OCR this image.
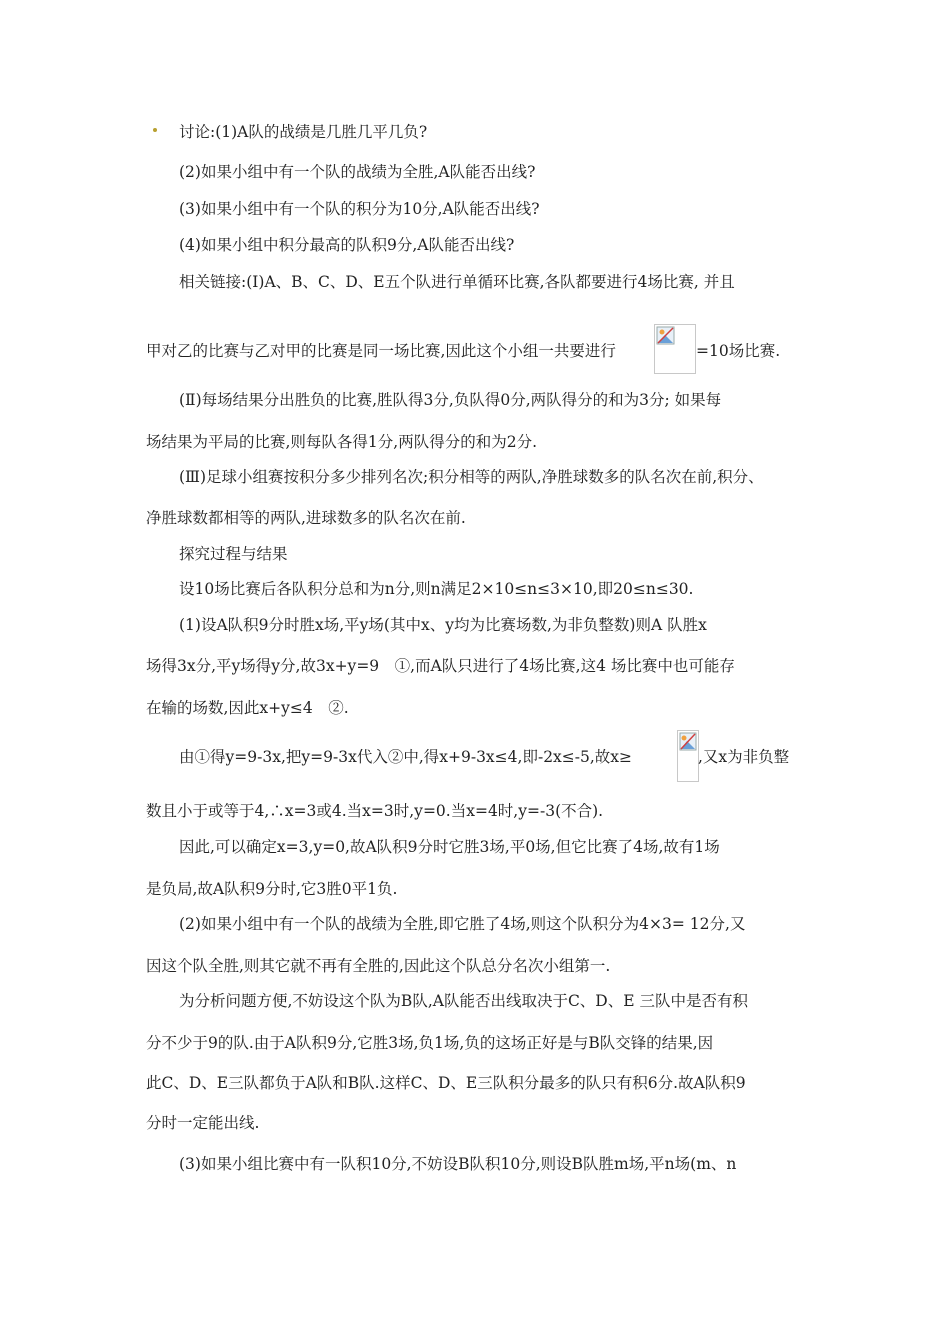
讨论:(1)A队的战绩是几胜几平几负?
(2)如果小组中有一个队的战绩为全胜,A队能否出线?
(3)如果小组中有一个队的积分为10分,A队能否出线?
(4)如果小组中积分最高的队积9分,A队能否出线?
相关链接:(Ⅰ)A、B、C、D、E五个队进行单循环比赛,各队都要进行4场比赛, 并且
甲对乙的比赛与乙对甲的比赛是同一场比赛,因此这个小组一共要进行	=10场比赛.
(Ⅱ)每场结果分出胜负的比赛,胜队得3分,负队得0分,两队得分的和为3分; 如果每
场结果为平局的比赛,则每队各得1分,两队得分的和为2分.
(Ⅲ)足球小组赛按积分多少排列名次;积分相等的两队,净胜球数多的队名次在前,积分、
净胜球数都相等的两队,进球数多的队名次在前.
探究过程与结果
设10场比赛后各队积分总和为n分,则n满足2×10≤n≤3×10,即20≤n≤30.
(1)设A队积9分时胜x场,平y场(其中x、y均为比赛场数,为非负整数)则A 队胜x
场得3x分,平y场得y分,故3x+y=9　①,而A队只进行了4场比赛,这4 场比赛中也可能存
在输的场数,因此x+y≤4　②.
由①得y=9-3x,把y=9-3x代入②中,得x+9-3x≤4,即-2x≤-5,故x≥	,又x为非负整
数且小于或等于4,∴x=3或4.当x=3时,y=0.当x=4时,y=-3(不合).
因此,可以确定x=3,y=0,故A队积9分时它胜3场,平0场,但它比赛了4场,故有1场
是负局,故A队积9分时,它3胜0平1负.
(2)如果小组中有一个队的战绩为全胜,即它胜了4场,则这个队积分为4×3= 12分,又
因这个队全胜,则其它就不再有全胜的,因此这个队总分名次小组第一.
为分析问题方便,不妨设这个队为B队,A队能否出线取决于C、D、E 三队中是否有积
分不少于9的队.由于A队积9分,它胜3场,负1场,负的这场正好是与B队交锋的结果,因
此C、D、E三队都负于A队和B队.这样C、D、E三队积分最多的队只有积6分.故A队积9
分时一定能出线.
(3)如果小组比赛中有一队积10分,不妨设B队积10分,则设B队胜m场,平n场(m、n
